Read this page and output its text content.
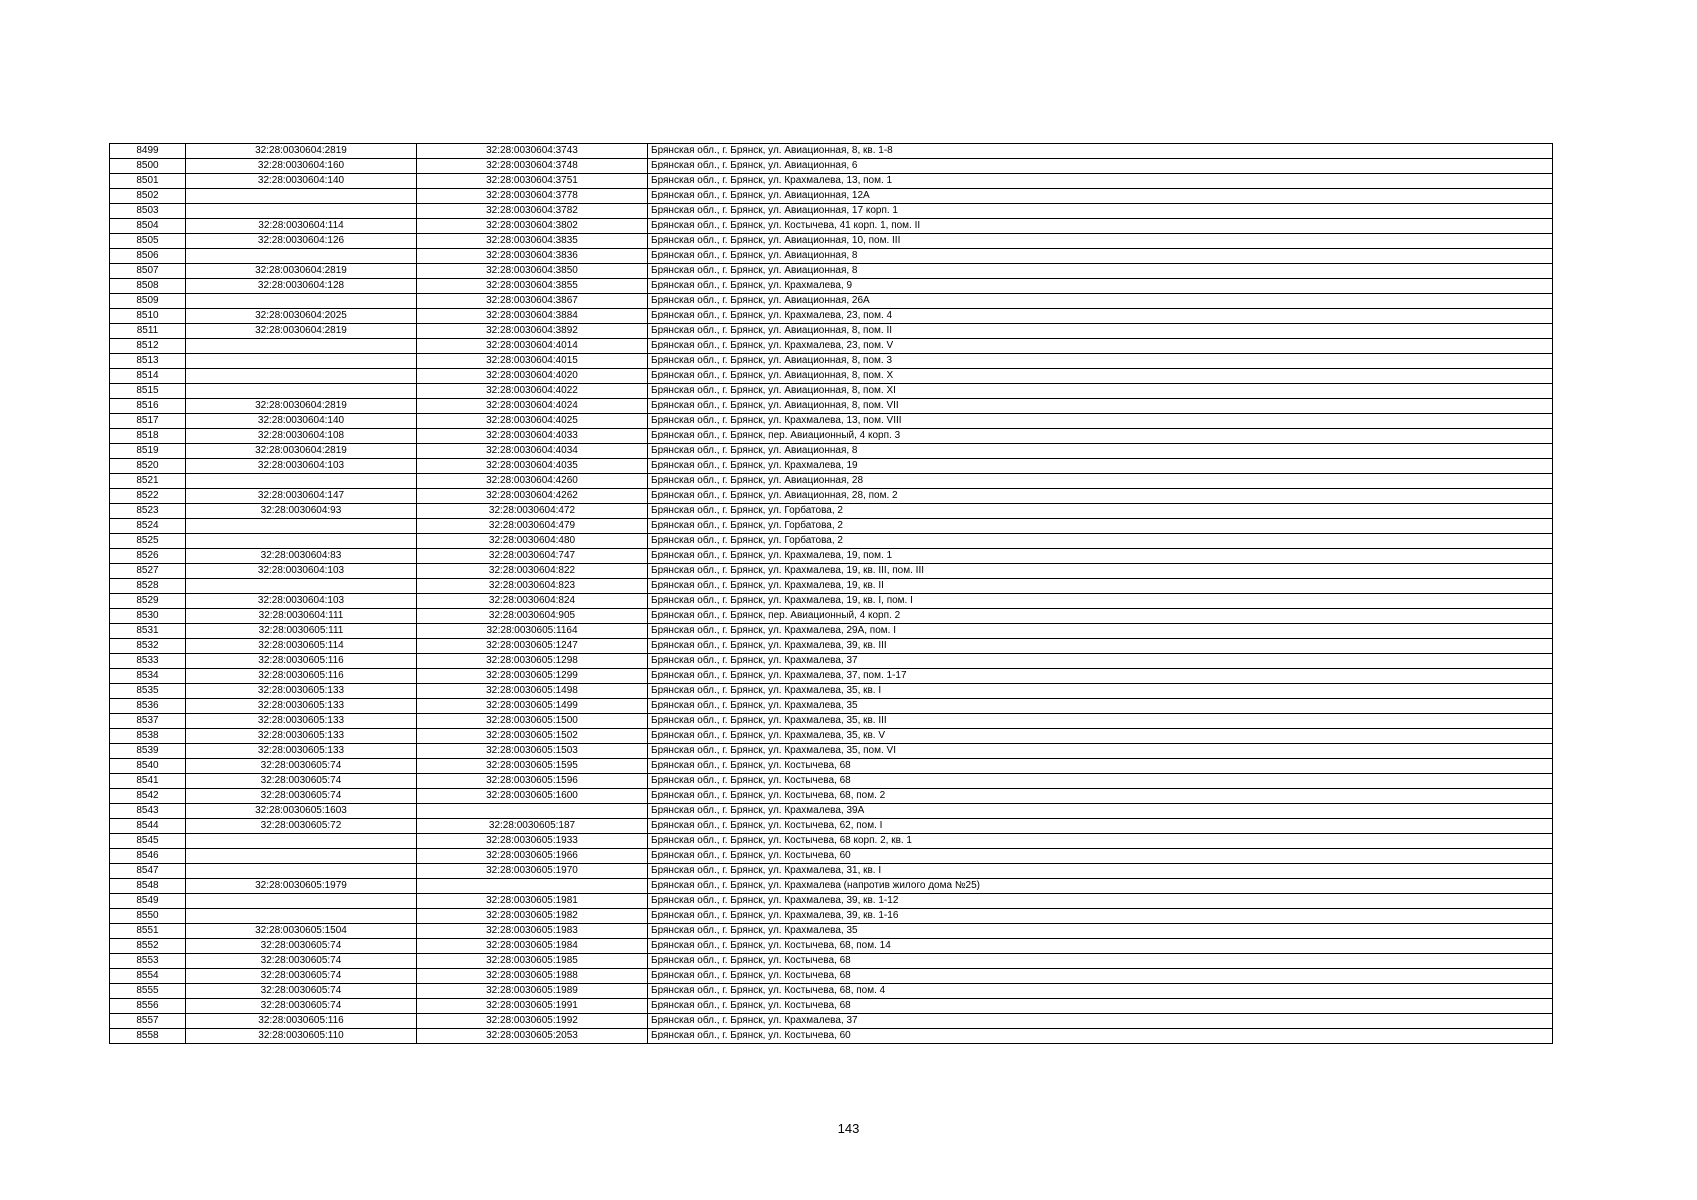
8499	32:28:0030604:2819	32:28:0030604:3743	Брянская обл., г. Брянск, ул. Авиационная, 8, кв. 1-8
8500	32:28:0030604:160	32:28:0030604:3748	Брянская обл., г. Брянск, ул. Авиационная, 6
8501	32:28:0030604:140	32:28:0030604:3751	Брянская обл., г. Брянск, ул. Крахмалева, 13, пом. 1
8502		32:28:0030604:3778	Брянская обл., г. Брянск, ул. Авиационная, 12А
8503		32:28:0030604:3782	Брянская обл., г. Брянск, ул. Авиационная, 17 корп. 1
8504	32:28:0030604:114	32:28:0030604:3802	Брянская обл., г. Брянск, ул. Костычева, 41 корп. 1, пом. II
8505	32:28:0030604:126	32:28:0030604:3835	Брянская обл., г. Брянск, ул. Авиационная, 10, пом. III
8506		32:28:0030604:3836	Брянская обл., г. Брянск, ул. Авиационная, 8
8507	32:28:0030604:2819	32:28:0030604:3850	Брянская обл., г. Брянск, ул. Авиационная, 8
8508	32:28:0030604:128	32:28:0030604:3855	Брянская обл., г. Брянск, ул. Крахмалева, 9
8509		32:28:0030604:3867	Брянская обл., г. Брянск, ул. Авиационная, 26А
8510	32:28:0030604:2025	32:28:0030604:3884	Брянская обл., г. Брянск, ул. Крахмалева, 23, пом. 4
8511	32:28:0030604:2819	32:28:0030604:3892	Брянская обл., г. Брянск, ул. Авиационная, 8, пом. II
8512		32:28:0030604:4014	Брянская обл., г. Брянск, ул. Крахмалева, 23, пом. V
8513		32:28:0030604:4015	Брянская обл., г. Брянск, ул. Авиационная, 8, пом. 3
8514		32:28:0030604:4020	Брянская обл., г. Брянск, ул. Авиационная, 8, пом. X
8515		32:28:0030604:4022	Брянская обл., г. Брянск, ул. Авиационная, 8, пом. XI
8516	32:28:0030604:2819	32:28:0030604:4024	Брянская обл., г. Брянск, ул. Авиационная, 8, пом. VII
8517	32:28:0030604:140	32:28:0030604:4025	Брянская обл., г. Брянск, ул. Крахмалева, 13, пом. VIII
8518	32:28:0030604:108	32:28:0030604:4033	Брянская обл., г. Брянск, пер. Авиационный, 4 корп. 3
8519	32:28:0030604:2819	32:28:0030604:4034	Брянская обл., г. Брянск, ул. Авиационная, 8
8520	32:28:0030604:103	32:28:0030604:4035	Брянская обл., г. Брянск, ул. Крахмалева, 19
8521		32:28:0030604:4260	Брянская обл., г. Брянск, ул. Авиационная, 28
8522	32:28:0030604:147	32:28:0030604:4262	Брянская обл., г. Брянск, ул. Авиационная, 28, пом. 2
8523	32:28:0030604:93	32:28:0030604:472	Брянская обл., г. Брянск, ул. Горбатова, 2
8524		32:28:0030604:479	Брянская обл., г. Брянск, ул. Горбатова, 2
8525		32:28:0030604:480	Брянская обл., г. Брянск, ул. Горбатова, 2
8526	32:28:0030604:83	32:28:0030604:747	Брянская обл., г. Брянск, ул. Крахмалева, 19, пом. 1
8527	32:28:0030604:103	32:28:0030604:822	Брянская обл., г. Брянск, ул. Крахмалева, 19, кв. III, пом. III
8528		32:28:0030604:823	Брянская обл., г. Брянск, ул. Крахмалева, 19, кв. II
8529	32:28:0030604:103	32:28:0030604:824	Брянская обл., г. Брянск, ул. Крахмалева, 19, кв. I, пом. I
8530	32:28:0030604:111	32:28:0030604:905	Брянская обл., г. Брянск, пер. Авиационный, 4 корп. 2
8531	32:28:0030605:111	32:28:0030605:1164	Брянская обл., г. Брянск, ул. Крахмалева, 29А, пом. I
8532	32:28:0030605:114	32:28:0030605:1247	Брянская обл., г. Брянск, ул. Крахмалева, 39, кв. III
8533	32:28:0030605:116	32:28:0030605:1298	Брянская обл., г. Брянск, ул. Крахмалева, 37
8534	32:28:0030605:116	32:28:0030605:1299	Брянская обл., г. Брянск, ул. Крахмалева, 37, пом. 1-17
8535	32:28:0030605:133	32:28:0030605:1498	Брянская обл., г. Брянск, ул. Крахмалева, 35, кв. I
8536	32:28:0030605:133	32:28:0030605:1499	Брянская обл., г. Брянск, ул. Крахмалева, 35
8537	32:28:0030605:133	32:28:0030605:1500	Брянская обл., г. Брянск, ул. Крахмалева, 35, кв. III
8538	32:28:0030605:133	32:28:0030605:1502	Брянская обл., г. Брянск, ул. Крахмалева, 35, кв. V
8539	32:28:0030605:133	32:28:0030605:1503	Брянская обл., г. Брянск, ул. Крахмалева, 35, пом. VI
8540	32:28:0030605:74	32:28:0030605:1595	Брянская обл., г. Брянск, ул. Костычева, 68
8541	32:28:0030605:74	32:28:0030605:1596	Брянская обл., г. Брянск, ул. Костычева, 68
8542	32:28:0030605:74	32:28:0030605:1600	Брянская обл., г. Брянск, ул. Костычева, 68, пом. 2
8543	32:28:0030605:1603		Брянская обл., г. Брянск, ул. Крахмалева, 39А
8544	32:28:0030605:72	32:28:0030605:187	Брянская обл., г. Брянск, ул. Костычева, 62, пом. I
8545		32:28:0030605:1933	Брянская обл., г. Брянск, ул. Костычева, 68 корп. 2, кв. 1
8546		32:28:0030605:1966	Брянская обл., г. Брянск, ул. Костычева, 60
8547		32:28:0030605:1970	Брянская обл., г. Брянск, ул. Крахмалева, 31, кв. I
8548	32:28:0030605:1979		Брянская обл., г. Брянск, ул. Крахмалева (напротив жилого дома №25)
8549		32:28:0030605:1981	Брянская обл., г. Брянск, ул. Крахмалева, 39, кв. 1-12
8550		32:28:0030605:1982	Брянская обл., г. Брянск, ул. Крахмалева, 39, кв. 1-16
8551	32:28:0030605:1504	32:28:0030605:1983	Брянская обл., г. Брянск, ул. Крахмалева, 35
8552	32:28:0030605:74	32:28:0030605:1984	Брянская обл., г. Брянск, ул. Костычева, 68, пом. 14
8553	32:28:0030605:74	32:28:0030605:1985	Брянская обл., г. Брянск, ул. Костычева, 68
8554	32:28:0030605:74	32:28:0030605:1988	Брянская обл., г. Брянск, ул. Костычева, 68
8555	32:28:0030605:74	32:28:0030605:1989	Брянская обл., г. Брянск, ул. Костычева, 68, пом. 4
8556	32:28:0030605:74	32:28:0030605:1991	Брянская обл., г. Брянск, ул. Костычева, 68
8557	32:28:0030605:116	32:28:0030605:1992	Брянская обл., г. Брянск, ул. Крахмалева, 37
8558	32:28:0030605:110	32:28:0030605:2053	Брянская обл., г. Брянск, ул. Костычева, 60
143
